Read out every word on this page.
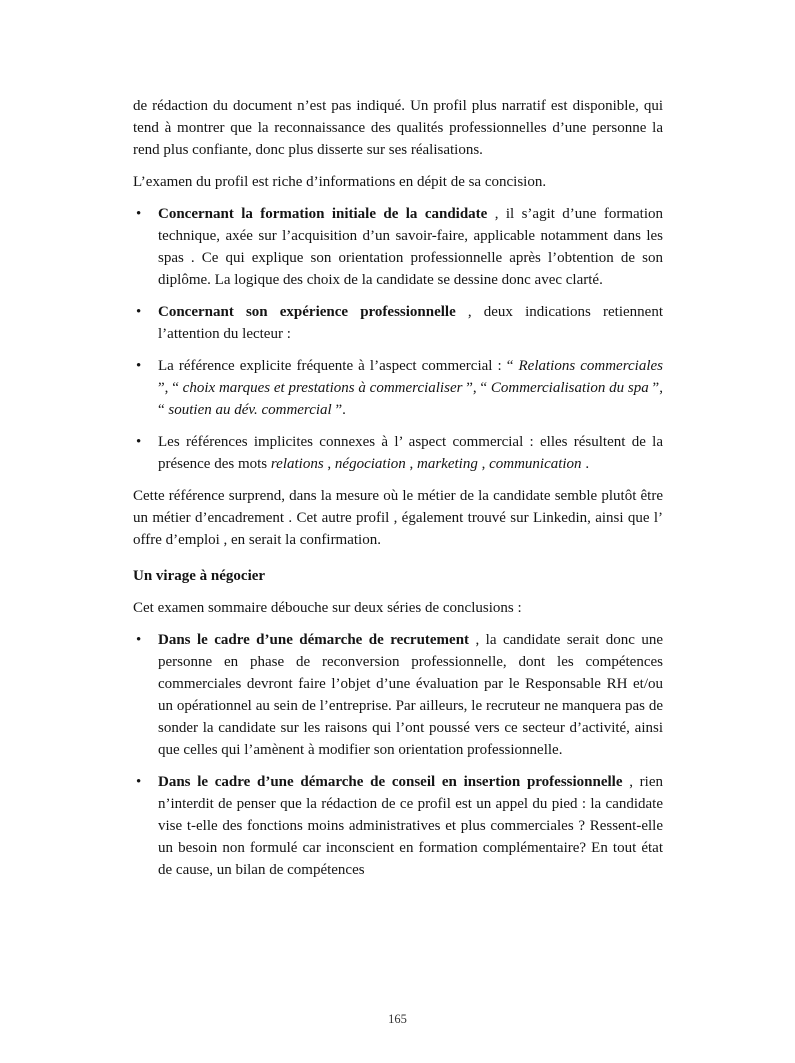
de rédaction du document n’est pas indiqué. Un profil plus narratif est disponible, qui tend à montrer que la reconnaissance des qualités professionnelles d’une personne la rend plus confiante, donc plus disserte sur ses réalisations.

L’examen du profil est riche d’informations en dépit de sa concision.

• Concernant la formation initiale de la candidate , il s’agit d’une formation technique, axée sur l’acquisition d’un savoir-faire, applicable notamment dans les spas . Ce qui explique son orientation professionnelle après l’obtention de son diplôme. La logique des choix de la candidate se dessine donc avec clarté.
• Concernant son expérience professionnelle , deux indications retiennent l’attention du lecteur :
• La référence explicite fréquente à l’aspect commercial : “ Relations commerciales ”, “ choix marques et prestations à commercialiser ”, “ Commercialisation du spa ”, “ soutien au dév. commercial ”.
• Les références implicites connexes à l’ aspect commercial : elles résultent de la présence des mots relations , négociation , marketing , communication .

Cette référence surprend, dans la mesure où le métier de la candidate semble plutôt être un métier d’encadrement . Cet autre profil , également trouvé sur Linkedin, ainsi que l’ offre d’emploi , en serait la confirmation.

Un virage à négocier

Cet examen sommaire débouche sur deux séries de conclusions :

• Dans le cadre d’une démarche de recrutement , la candidate serait donc une personne en phase de reconversion professionnelle, dont les compétences commerciales devront faire l’objet d’une évaluation par le Responsable RH et/ou un opérationnel au sein de l’entreprise. Par ailleurs, le recruteur ne manquera pas de sonder la candidate sur les raisons qui l’ont poussé vers ce secteur d’activité, ainsi que celles qui l’amènent à modifier son orientation professionnelle.
• Dans le cadre d’une démarche de conseil en insertion professionnelle , rien n’interdit de penser que la rédaction de ce profil est un appel du pied : la candidate vise t-elle des fonctions moins administratives et plus commerciales ? Ressent-elle un besoin non formulé car inconscient en formation complémentaire? En tout état de cause, un bilan de compétences
165
